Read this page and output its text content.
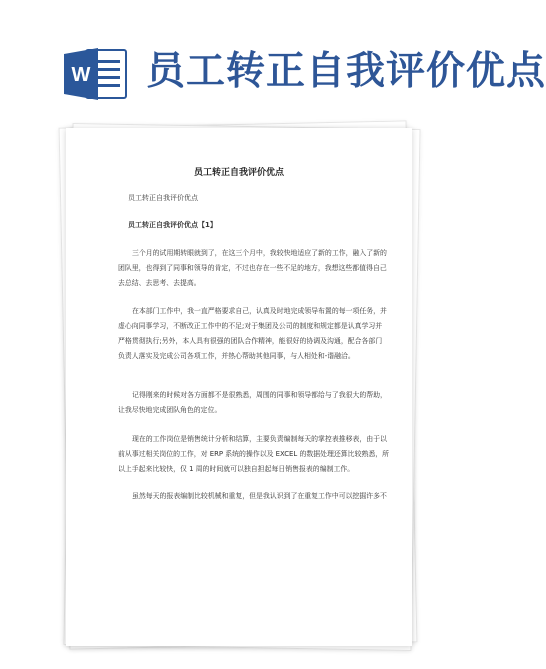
W 员工转正自我评价优点
员工转正自我评价优点
员工转正自我评价优点
员工转正自我评价优点【1】
三个月的试用期转眼就到了，在这三个月中，我较快地适应了新的工作，融入了新的
团队里，也得到了同事和领导的肯定，不过也存在一些不足的地方，我想这些都值得自己
去总结、去思考、去提高。
在本部门工作中，我一直严格要求自己，认真及时地完成领导布置的每一项任务，并
虚心向同事学习，不断改正工作中的不足;对于集团及公司的制度和规定都是认真学习并
严格贯彻执行;另外，本人具有很强的团队合作精神，能很好的协调及沟通，配合各部门
负责人落实及完成公司各项工作，并热心帮助其他同事，与人相处和-谐融洽。
记得刚来的时候对各方面都不是很熟悉，周围的同事和领导都给与了我很大的帮助，
让我尽快地完成团队角色的定位。
现在的工作岗位是销售统计分析和结算，主要负责编制每天的掌控表推移表，由于以
前从事过相关岗位的工作，对 ERP 系统的操作以及 EXCEL 的数据处理还算比较熟悉，所
以上手起来比较快，仅 1 周的时间就可以独自担起每日销售报表的编制工作。
虽然每天的报表编制比较机械和重复，但是我认识到了在重复工作中可以挖掘许多不
